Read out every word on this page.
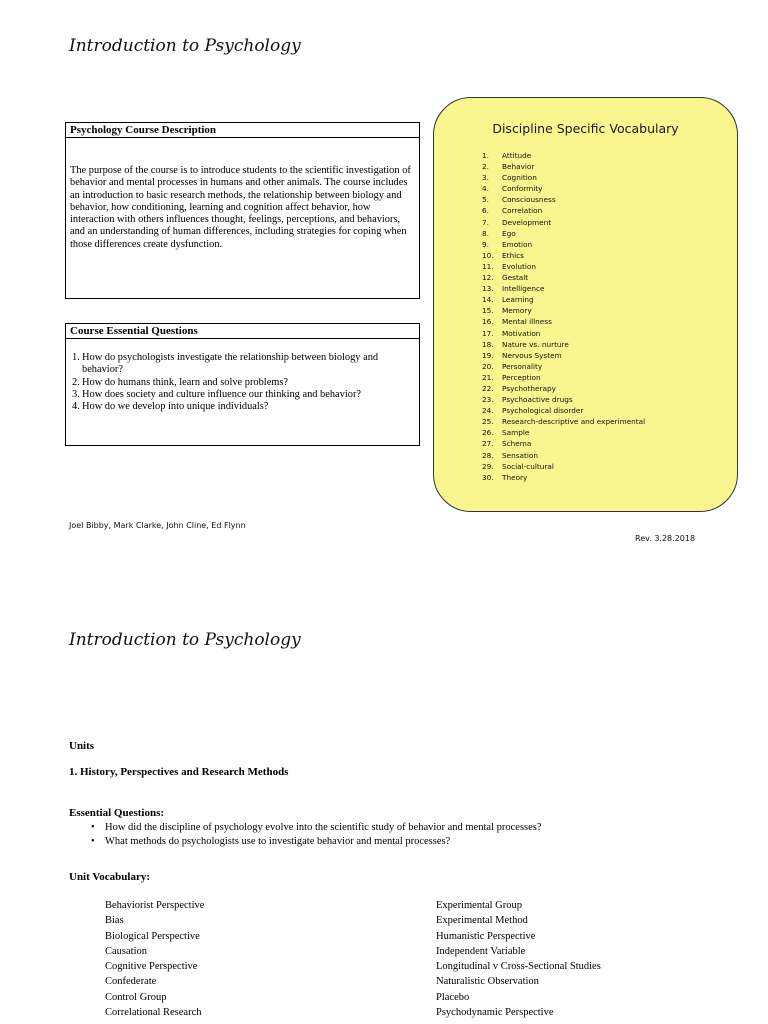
Introduction to Psychology
Psychology Course Description
The purpose of the course is to introduce students to the scientific investigation of behavior and mental processes in humans and other animals. The course includes an introduction to basic research methods, the relationship between biology and behavior, how conditioning, learning and cognition affect behavior, how interaction with others influences thought, feelings, perceptions, and behaviors, and an understanding of human differences, including strategies for coping when those differences create dysfunction.
Course Essential Questions
1. How do psychologists investigate the relationship between biology and behavior?
2. How do humans think, learn and solve problems?
3. How does society and culture influence our thinking and behavior?
4. How do we develop into unique individuals?
Discipline Specific Vocabulary
1. Attitude
2. Behavior
3. Cognition
4. Conformity
5. Consciousness
6. Correlation
7. Development
8. Ego
9. Emotion
10. Ethics
11. Evolution
12. Gestalt
13. Intelligence
14. Learning
15. Memory
16. Mental illness
17. Motivation
18. Nature vs. nurture
19. Nervous System
20. Personality
21. Perception
22. Psychotherapy
23. Psychoactive drugs
24. Psychological disorder
25. Research-descriptive and experimental
26. Sample
27. Schema
28. Sensation
29. Social-cultural
30. Theory
Joel Bibby, Mark Clarke, John Cline, Ed Flynn
Rev. 3.28.2018
Introduction to Psychology
Units
1. History, Perspectives and Research Methods
Essential Questions:
• How did the discipline of psychology evolve into the scientific study of behavior and mental processes?
• What methods do psychologists use to investigate behavior and mental processes?
Unit Vocabulary:
Behaviorist Perspective
Bias
Biological Perspective
Causation
Cognitive Perspective
Confederate
Control Group
Correlational Research
Experimental Group
Experimental Method
Humanistic Perspective
Independent Variable
Longitudinal v Cross-Sectional Studies
Naturalistic Observation
Placebo
Psychodynamic Perspective
